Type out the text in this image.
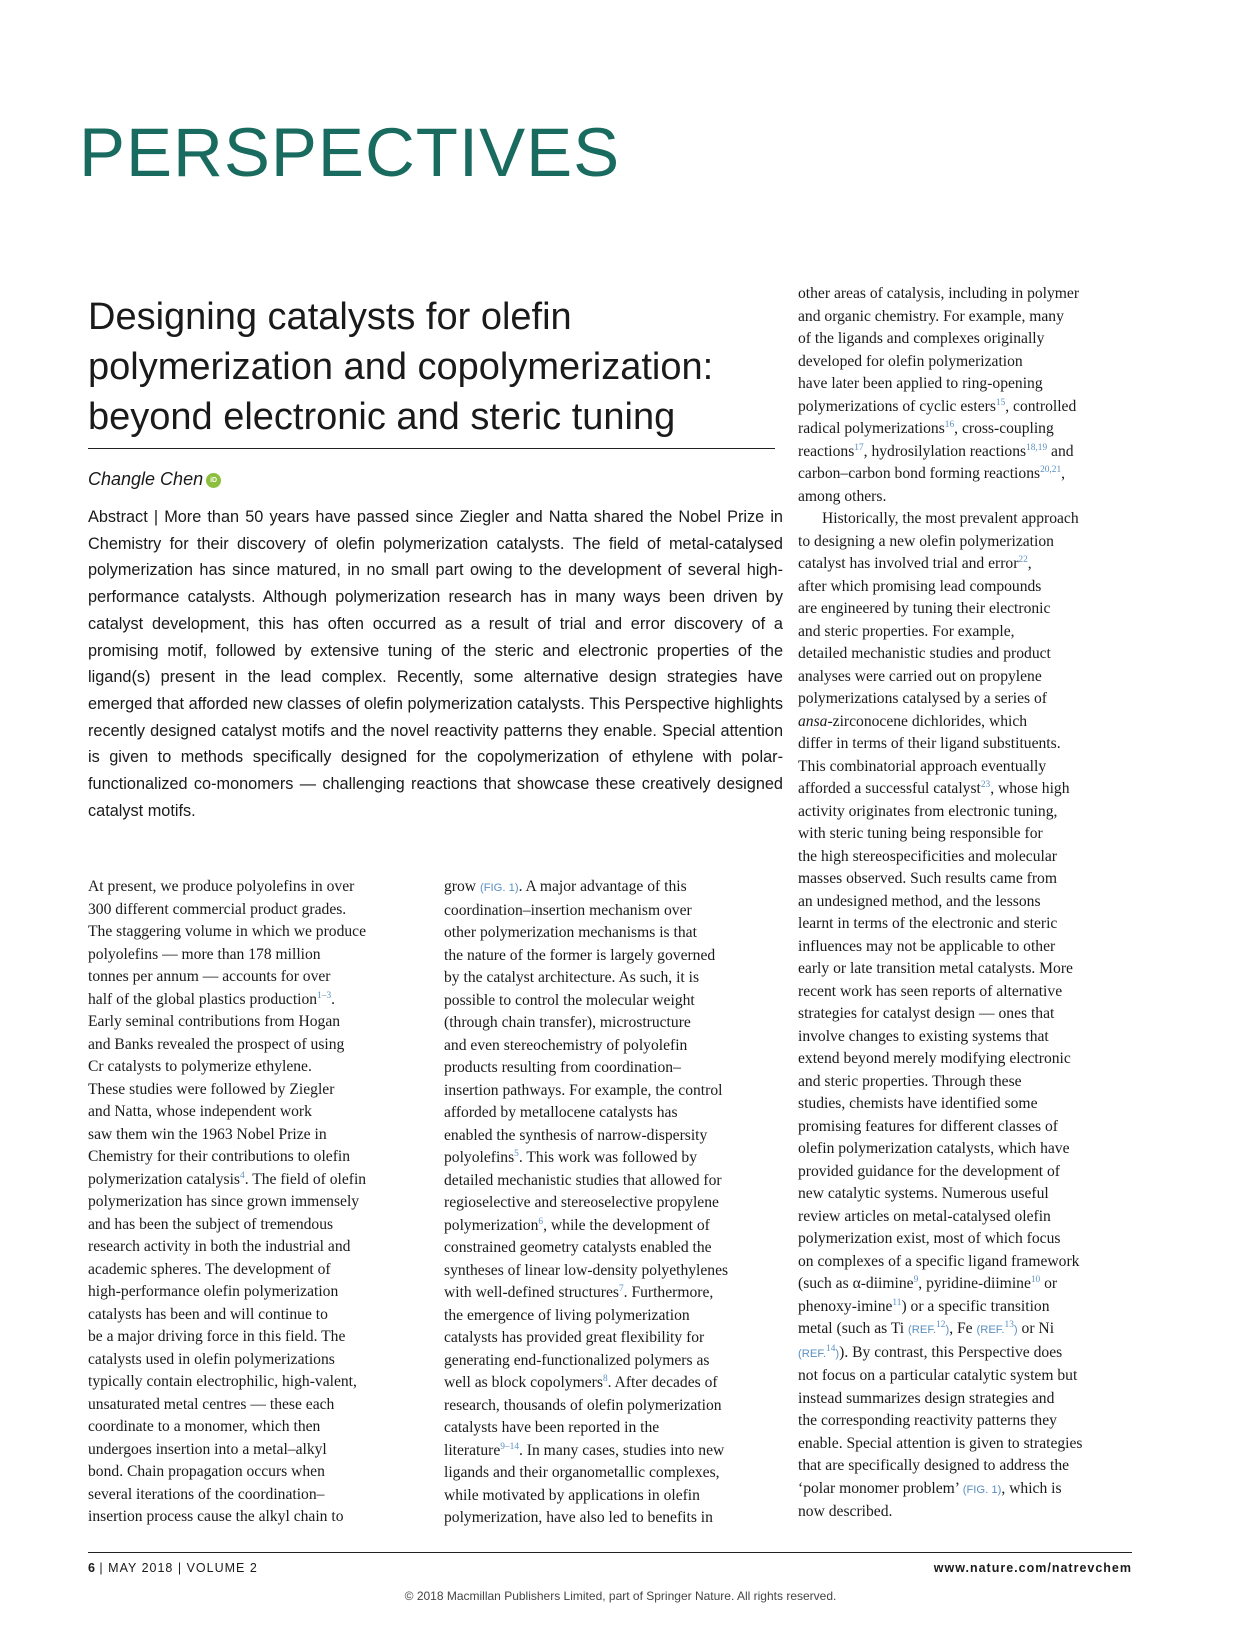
PERSPECTIVES
Designing catalysts for olefin polymerization and copolymerization: beyond electronic and steric tuning
Changle Chen iD

Abstract | More than 50 years have passed since Ziegler and Natta shared the Nobel Prize in Chemistry for their discovery of olefin polymerization catalysts. The field of metal-catalysed polymerization has since matured, in no small part owing to the development of several high-performance catalysts. Although polymerization research has in many ways been driven by catalyst development, this has often occurred as a result of trial and error discovery of a promising motif, followed by extensive tuning of the steric and electronic properties of the ligand(s) present in the lead complex. Recently, some alternative design strategies have emerged that afforded new classes of olefin polymerization catalysts. This Perspective highlights recently designed catalyst motifs and the novel reactivity patterns they enable. Special attention is given to methods specifically designed for the copolymerization of ethylene with polar-functionalized co-monomers — challenging reactions that showcase these creatively designed catalyst motifs.

At present, we produce polyolefins in over

300 different commercial product grades.

The staggering volume in which we produce

polyolefins — more than 178 million

tonnes per annum — accounts for over

half of the global plastics production$^{1-3}$.

Early seminal contributions from Hogan

and Banks revealed the prospect of using

Cr catalysts to polymerize ethylene.

These studies were followed by Ziegler

and Natta, whose independent work

saw them win the 1963 Nobel Prize in

Chemistry for their contributions to olefin

polymerization catalysis$^4$. The field of olefin

polymerization has since grown immensely

and has been the subject of tremendous

research activity in both the industrial and

academic spheres. The development of

high-performance olefin polymerization

catalysts has been and will continue to

be a major driving force in this field. The

catalysts used in olefin polymerizations

typically contain electrophilic, high-valent,

unsaturated metal centres — these each

coordinate to a monomer, which then

undergoes insertion into a metal–alkyl

bond. Chain propagation occurs when

several iterations of the coordination–

insertion process cause the alkyl chain to

grow (FIG. 1). A major advantage of this

coordination–insertion mechanism over

other polymerization mechanisms is that

the nature of the former is largely governed

by the catalyst architecture. As such, it is

possible to control the molecular weight

(through chain transfer), microstructure

and even stereochemistry of polyolefin

products resulting from coordination–

insertion pathways. For example, the control

afforded by metallocene catalysts has

enabled the synthesis of narrow-dispersity

polyolefins$^5$. This work was followed by

detailed mechanistic studies that allowed for

regioselective and stereoselective propylene

polymerization$^6$, while the development of

constrained geometry catalysts enabled the

syntheses of linear low-density polyethylenes

with well-defined structures$^7$. Furthermore,

the emergence of living polymerization

catalysts has provided great flexibility for

generating end-functionalized polymers as

well as block copolymers$^8$. After decades of

research, thousands of olefin polymerization

catalysts have been reported in the

literature$^{9-14}$. In many cases, studies into new

ligands and their organometallic complexes,

while motivated by applications in olefin

polymerization, have also led to benefits in

other areas of catalysis, including in polymer

and organic chemistry. For example, many

of the ligands and complexes originally

developed for olefin polymerization

have later been applied to ring-opening

polymerizations of cyclic esters$^{15}$, controlled

radical polymerizations$^{16}$, cross-coupling

reactions$^{17}$, hydrosilylation reactions$^{18,19}$ and

carbon–carbon bond forming reactions$^{20,21}$,

among others.

Historically, the most prevalent approach

to designing a new olefin polymerization

catalyst has involved trial and error$^{22}$,

after which promising lead compounds

are engineered by tuning their electronic

and steric properties. For example,

detailed mechanistic studies and product

analyses were carried out on propylene

polymerizations catalysed by a series of

ansa-zirconocene dichlorides, which

differ in terms of their ligand substituents.

This combinatorial approach eventually

afforded a successful catalyst$^{23}$, whose high

activity originates from electronic tuning,

with steric tuning being responsible for

the high stereospecificities and molecular

masses observed. Such results came from

an undesigned method, and the lessons

learnt in terms of the electronic and steric

influences may not be applicable to other

early or late transition metal catalysts. More

recent work has seen reports of alternative

strategies for catalyst design — ones that

involve changes to existing systems that

extend beyond merely modifying electronic

and steric properties. Through these

studies, chemists have identified some

promising features for different classes of

olefin polymerization catalysts, which have

provided guidance for the development of

new catalytic systems. Numerous useful

review articles on metal-catalysed olefin

polymerization exist, most of which focus

on complexes of a specific ligand framework

(such as α-diimine$^9$, pyridine-diimine$^{10}$ or

phenoxy-imine$^{11}$) or a specific transition

metal (such as Ti (REF.$^{12}$), Fe (REF.$^{13}$) or Ni

(REF.$^{14}$)). By contrast, this Perspective does

not focus on a particular catalytic system but

instead summarizes design strategies and

the corresponding reactivity patterns they

enable. Special attention is given to strategies

that are specifically designed to address the

‘polar monomer problem’ (FIG. 1), which is

now described.

6 | MAY 2018 | VOLUME 2	www.nature.com/natrevchem
© 2018 Macmillan Publishers Limited, part of Springer Nature. All rights reserved.
